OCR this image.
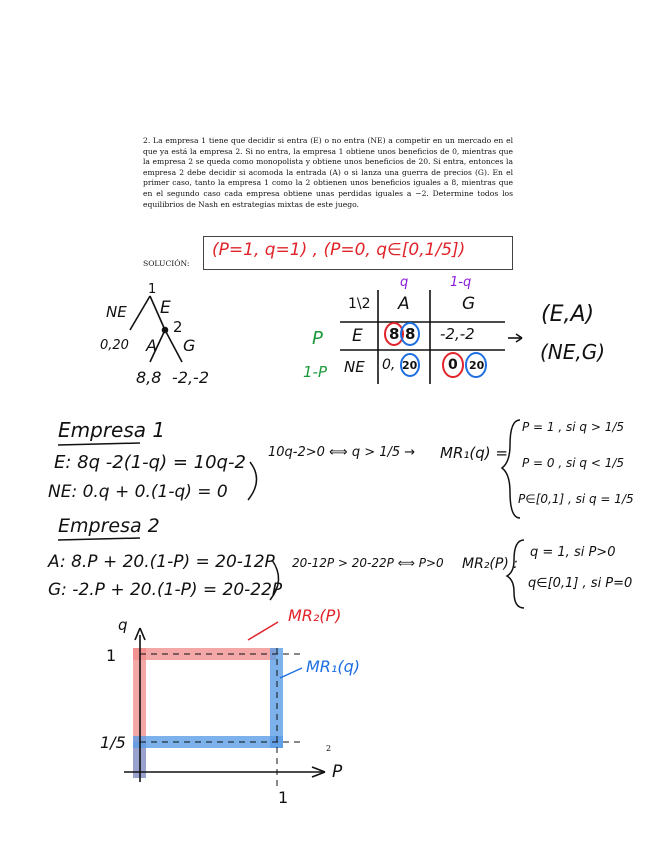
2. La empresa 1 tiene que decidir si entra (E) o no entra (NE) a competir en un mercado en el que ya está la empresa 2. Si no entra, la empresa 1 obtiene unos beneficios de 0, mientras que la empresa 2 se queda como monopolista y obtiene unos beneficios de 20. Si entra, entonces la empresa 2 debe decidir si acomoda la entrada (A) o si lanza una guerra de precios (G). En el primer caso, tanto la empresa 1 como la 2 obtienen unos beneficios iguales a 8, mientras que en el segundo caso cada empresa obtiene unas perdidas iguales a −2. Determine todos los equilibrios de Nash en estrategias mixtas de este juego.
SOLUCIÓN:
(P=1, q=1) , (P=0, q∈[0,1/5])
1
NE E
2
0,20 A G
8,8 -2,-2
q	1-q
1\2 A	G
P
1-P
E
NE
8 8 -2,-2
0, 20 0 20
(E,A)
(NE,G)
Empresa 1
E: 8q -2(1-q) = 10q-2
NE: 0.q + 0.(1-q) = 0
10q-2>0 ⟺ q > 1/5 → MR₁(q) =
P = 1 , si q > 1/5
P = 0 , si q < 1/5
P∈[0,1] , si q = 1/5
Empresa 2
A: 8.P + 20.(1-P) = 20-12P
G: -2.P + 20.(1-P) = 20-22P
20-12P > 20-22P ⟺ P>0 MR₂(P) :
q = 1, si P>0
q∈[0,1] , si P=0
q
P
1
1/5
1
MR₂(P)
MR₁(q)
2
